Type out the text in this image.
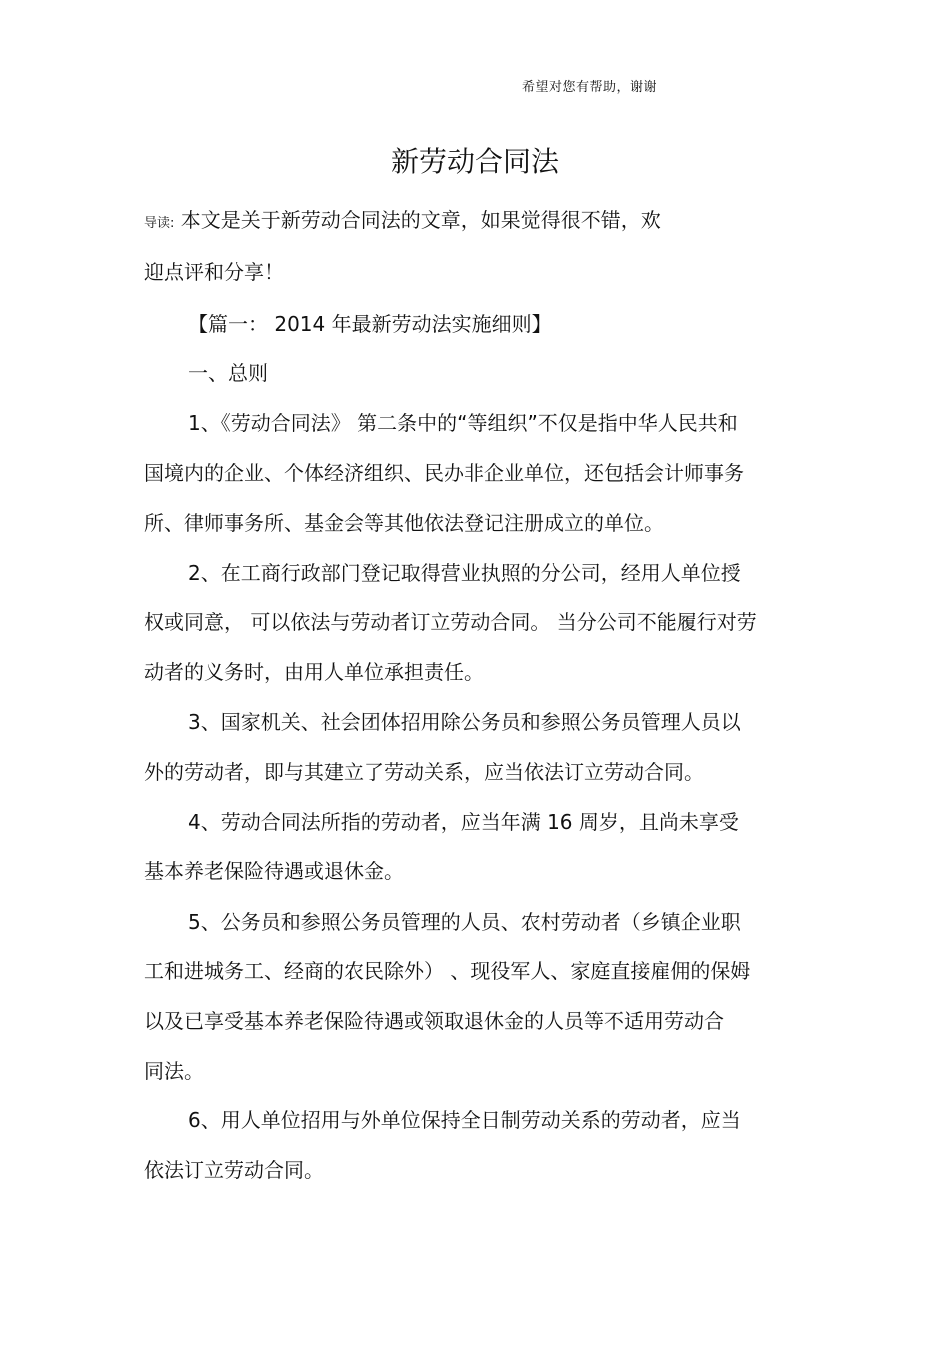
希望对您有帮助，谢谢
新劳动合同法
导读: 本文是关于新劳动合同法的文章，如果觉得很不错，欢
迎点评和分享！
【篇一： 2014 年最新劳动法实施细则】
一、总则
1、《劳动合同法》 第二条中的“等组织”不仅是指中华人民共和
国境内的企业、个体经济组织、民办非企业单位，还包括会计师事务
所、律师事务所、基金会等其他依法登记注册成立的单位。
2、在工商行政部门登记取得营业执照的分公司，经用人单位授
权或同意， 可以依法与劳动者订立劳动合同。 当分公司不能履行对劳
动者的义务时，由用人单位承担责任。
3、国家机关、社会团体招用除公务员和参照公务员管理人员以
外的劳动者，即与其建立了劳动关系，应当依法订立劳动合同。
4、劳动合同法所指的劳动者，应当年满 16 周岁，且尚未享受
基本养老保险待遇或退休金。
5、公务员和参照公务员管理的人员、农村劳动者（乡镇企业职
工和进城务工、经商的农民除外） 、现役军人、家庭直接雇佣的保姆
以及已享受基本养老保险待遇或领取退休金的人员等不适用劳动合
同法。
6、用人单位招用与外单位保持全日制劳动关系的劳动者，应当
依法订立劳动合同。
